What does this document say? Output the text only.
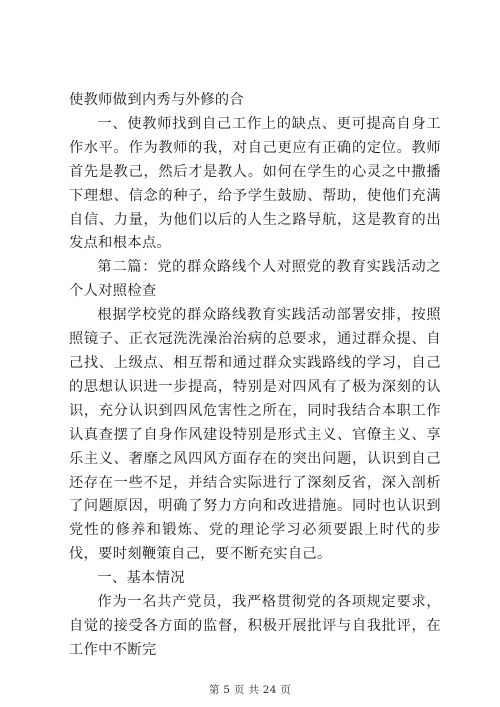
使教师做到内秀与外修的合

一、使教师找到自己工作上的缺点、更可提高自身工作水平。作为教师的我，对自己更应有正确的定位。教师首先是教己，然后才是教人。如何在学生的心灵之中撒播下理想、信念的种子，给予学生鼓励、帮助，使他们充满自信、力量，为他们以后的人生之路导航，这是教育的出发点和根本点。

第二篇：党的群众路线个人对照党的教育实践活动之个人对照检查

根据学校党的群众路线教育实践活动部署安排，按照照镜子、正衣冠洗洗澡治治病的总要求，通过群众提、自己找、上级点、相互帮和通过群众实践路线的学习，自己的思想认识进一步提高，特别是对四风有了极为深刻的认识，充分认识到四风危害性之所在，同时我结合本职工作认真查摆了自身作风建设特别是形式主义、官僚主义、享乐主义、奢靡之风四风方面存在的突出问题，认识到自己还存在一些不足，并结合实际进行了深刻反省，深入剖析了问题原因，明确了努力方向和改进措施。同时也认识到党性的修养和锻炼、党的理论学习必须要跟上时代的步伐，要时刻鞭策自己，要不断充实自己。

一、基本情况

作为一名共产党员，我严格贯彻党的各项规定要求，自觉的接受各方面的监督，积极开展批评与自我批评，在工作中不断完

第 5 页 共 24 页
